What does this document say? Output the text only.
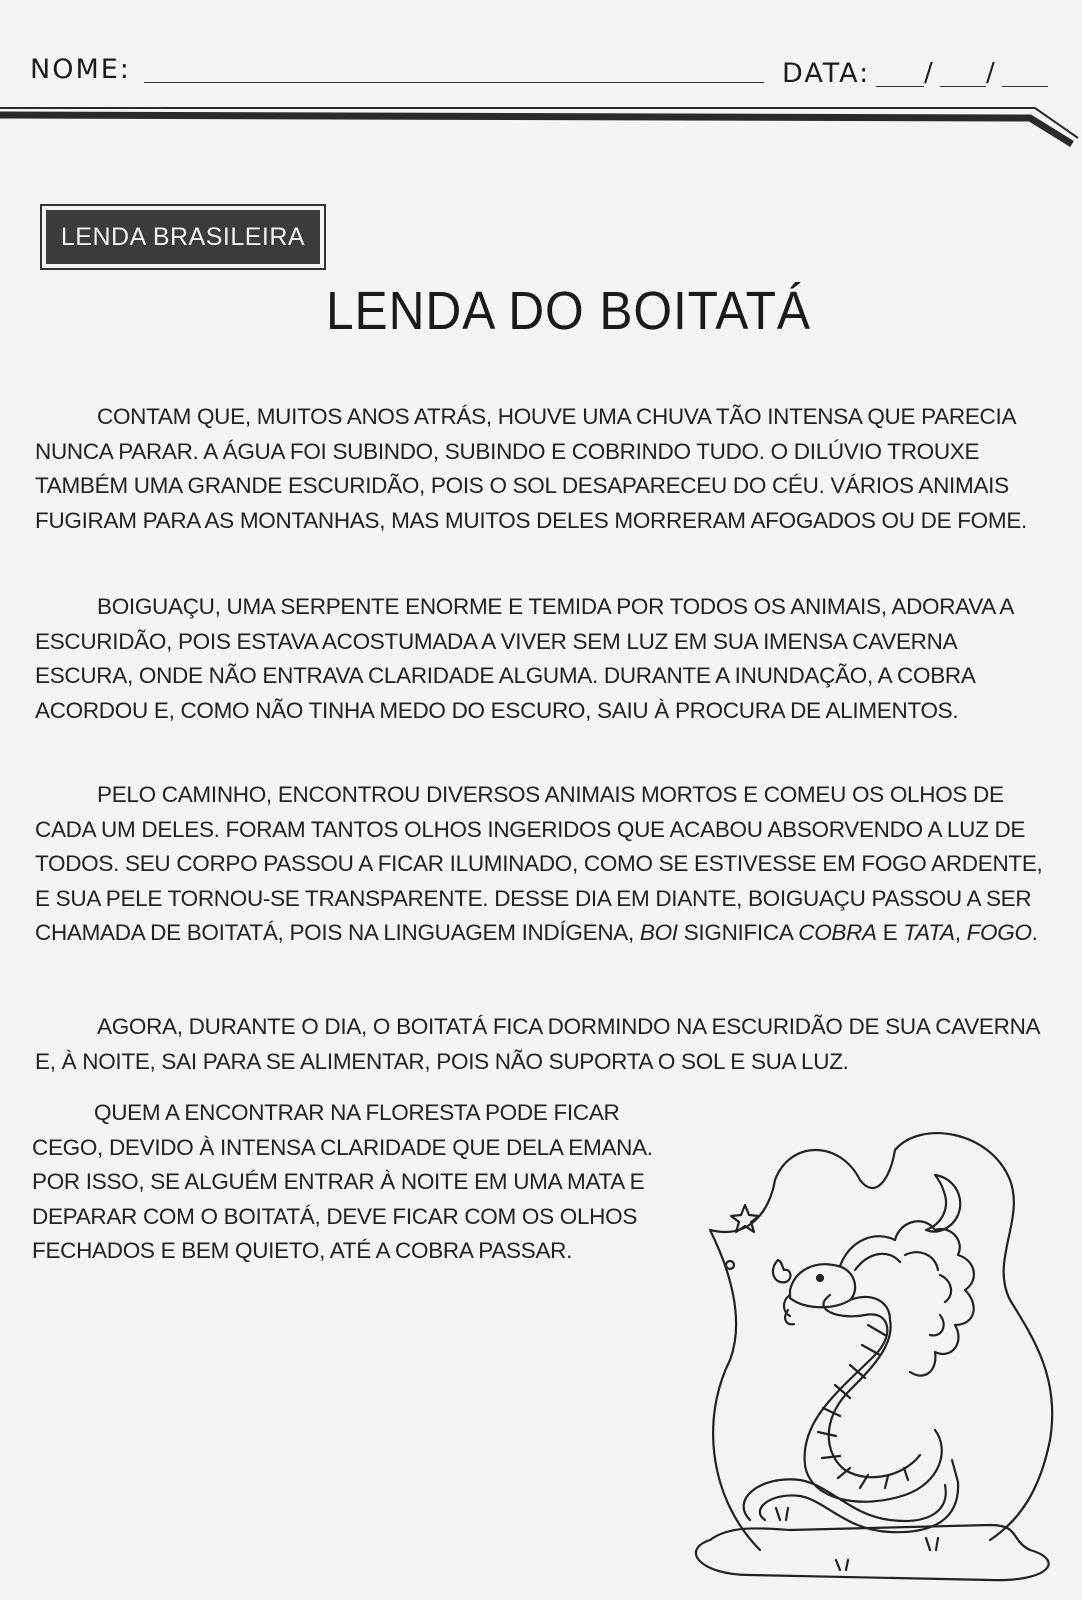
NOME:	DATA: / /
LENDA BRASILEIRA
LENDA DO BOITATÁ

CONTAM QUE, MUITOS ANOS ATRÁS, HOUVE UMA CHUVA TÃO INTENSA QUE PARECIA NUNCA PARAR. A ÁGUA FOI SUBINDO, SUBINDO E COBRINDO TUDO. O DILÚVIO TROUXE TAMBÉM UMA GRANDE ESCURIDÃO, POIS O SOL DESAPARECEU DO CÉU. VÁRIOS ANIMAIS FUGIRAM PARA AS MONTANHAS, MAS MUITOS DELES MORRERAM AFOGADOS OU DE FOME.

BOIGUAÇU, UMA SERPENTE ENORME E TEMIDA POR TODOS OS ANIMAIS, ADORAVA A ESCURIDÃO, POIS ESTAVA ACOSTUMADA A VIVER SEM LUZ EM SUA IMENSA CAVERNA ESCURA, ONDE NÃO ENTRAVA CLARIDADE ALGUMA. DURANTE A INUNDAÇÃO, A COBRA ACORDOU E, COMO NÃO TINHA MEDO DO ESCURO, SAIU À PROCURA DE ALIMENTOS.

PELO CAMINHO, ENCONTROU DIVERSOS ANIMAIS MORTOS E COMEU OS OLHOS DE CADA UM DELES. FORAM TANTOS OLHOS INGERIDOS QUE ACABOU ABSORVENDO A LUZ DE TODOS. SEU CORPO PASSOU A FICAR ILUMINADO, COMO SE ESTIVESSE EM FOGO ARDENTE, E SUA PELE TORNOU-SE TRANSPARENTE. DESSE DIA EM DIANTE, BOIGUAÇU PASSOU A SER CHAMADA DE BOITATÁ, POIS NA LINGUAGEM INDÍGENA, BOI SIGNIFICA COBRA E TATA, FOGO.

AGORA, DURANTE O DIA, O BOITATÁ FICA DORMINDO NA ESCURIDÃO DE SUA CAVERNA E, À NOITE, SAI PARA SE ALIMENTAR, POIS NÃO SUPORTA O SOL E SUA LUZ.

QUEM A ENCONTRAR NA FLORESTA PODE FICAR CEGO, DEVIDO À INTENSA CLARIDADE QUE DELA EMANA. POR ISSO, SE ALGUÉM ENTRAR À NOITE EM UMA MATA E DEPARAR COM O BOITATÁ, DEVE FICAR COM OS OLHOS FECHADOS E BEM QUIETO, ATÉ A COBRA PASSAR.
